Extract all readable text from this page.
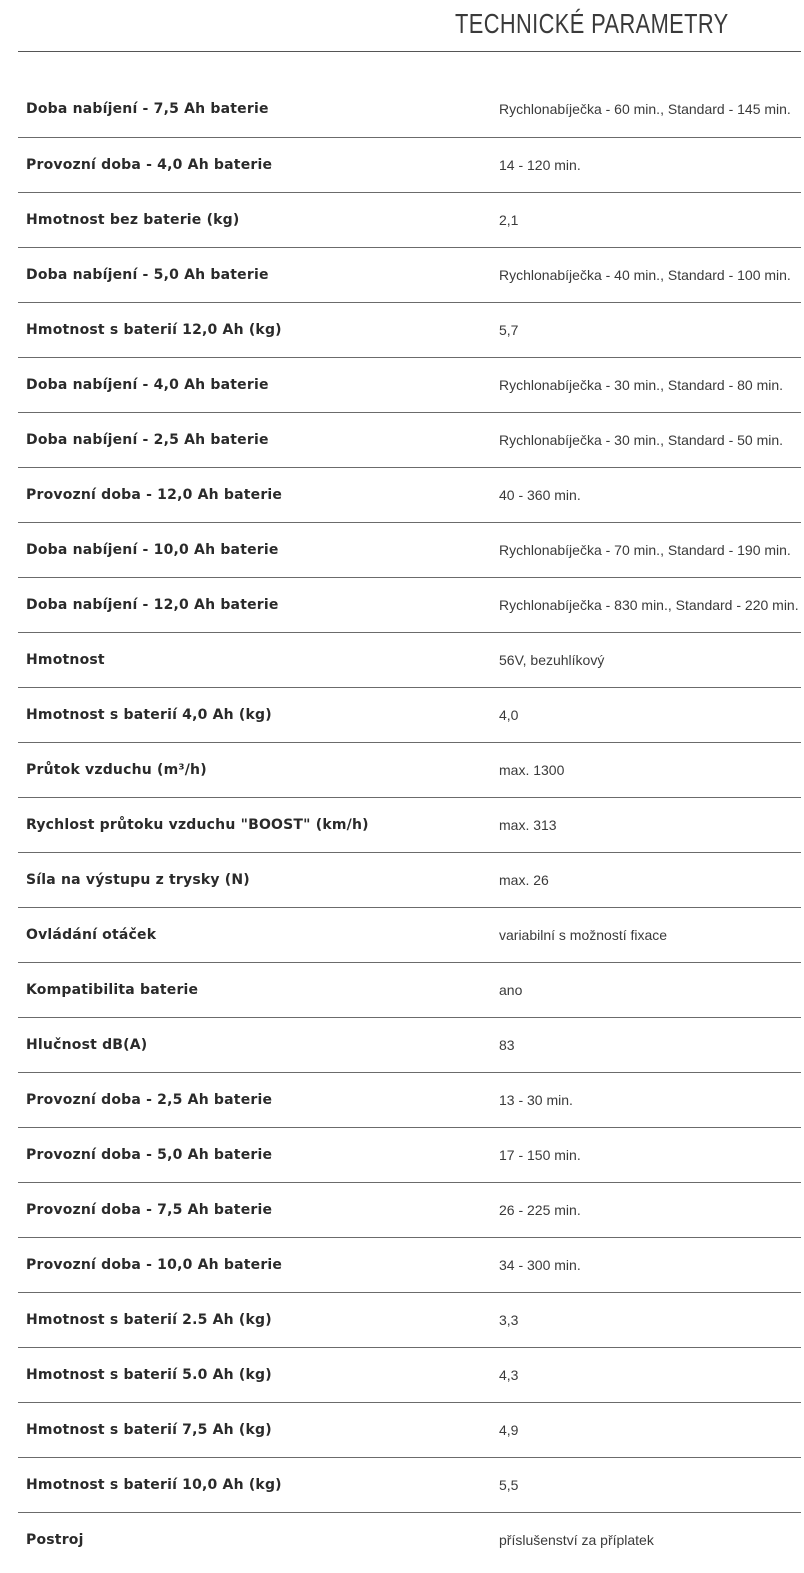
TECHNICKÉ PARAMETRY
Doba nabíjení - 7,5 Ah baterie	Rychlonabíječka - 60 min., Standard - 145 min.
Provozní doba - 4,0 Ah baterie	14 - 120 min.
Hmotnost bez baterie (kg)	2,1
Doba nabíjení - 5,0 Ah baterie	Rychlonabíječka - 40 min., Standard - 100 min.
Hmotnost s baterií 12,0 Ah (kg)	5,7
Doba nabíjení - 4,0 Ah baterie	Rychlonabíječka - 30 min., Standard - 80 min.
Doba nabíjení - 2,5 Ah baterie	Rychlonabíječka - 30 min., Standard - 50 min.
Provozní doba - 12,0 Ah baterie	40 - 360 min.
Doba nabíjení - 10,0 Ah baterie	Rychlonabíječka - 70 min., Standard - 190 min.
Doba nabíjení - 12,0 Ah baterie	Rychlonabíječka - 830 min., Standard - 220 min.
Hmotnost	56V, bezuhlíkový
Hmotnost s baterií 4,0 Ah (kg)	4,0
Průtok vzduchu (m³/h)	max. 1300
Rychlost průtoku vzduchu "BOOST" (km/h)	max. 313
Síla na výstupu z trysky (N)	max. 26
Ovládání otáček	variabilní s možností fixace
Kompatibilita baterie	ano
Hlučnost dB(A)	83
Provozní doba - 2,5 Ah baterie	13 - 30 min.
Provozní doba - 5,0 Ah baterie	17 - 150 min.
Provozní doba - 7,5 Ah baterie	26 - 225 min.
Provozní doba - 10,0 Ah baterie	34 - 300 min.
Hmotnost s baterií 2.5 Ah (kg)	3,3
Hmotnost s baterií 5.0 Ah (kg)	4,3
Hmotnost s baterií 7,5 Ah (kg)	4,9
Hmotnost s baterií 10,0 Ah (kg)	5,5
Postroj	příslušenství za příplatek
